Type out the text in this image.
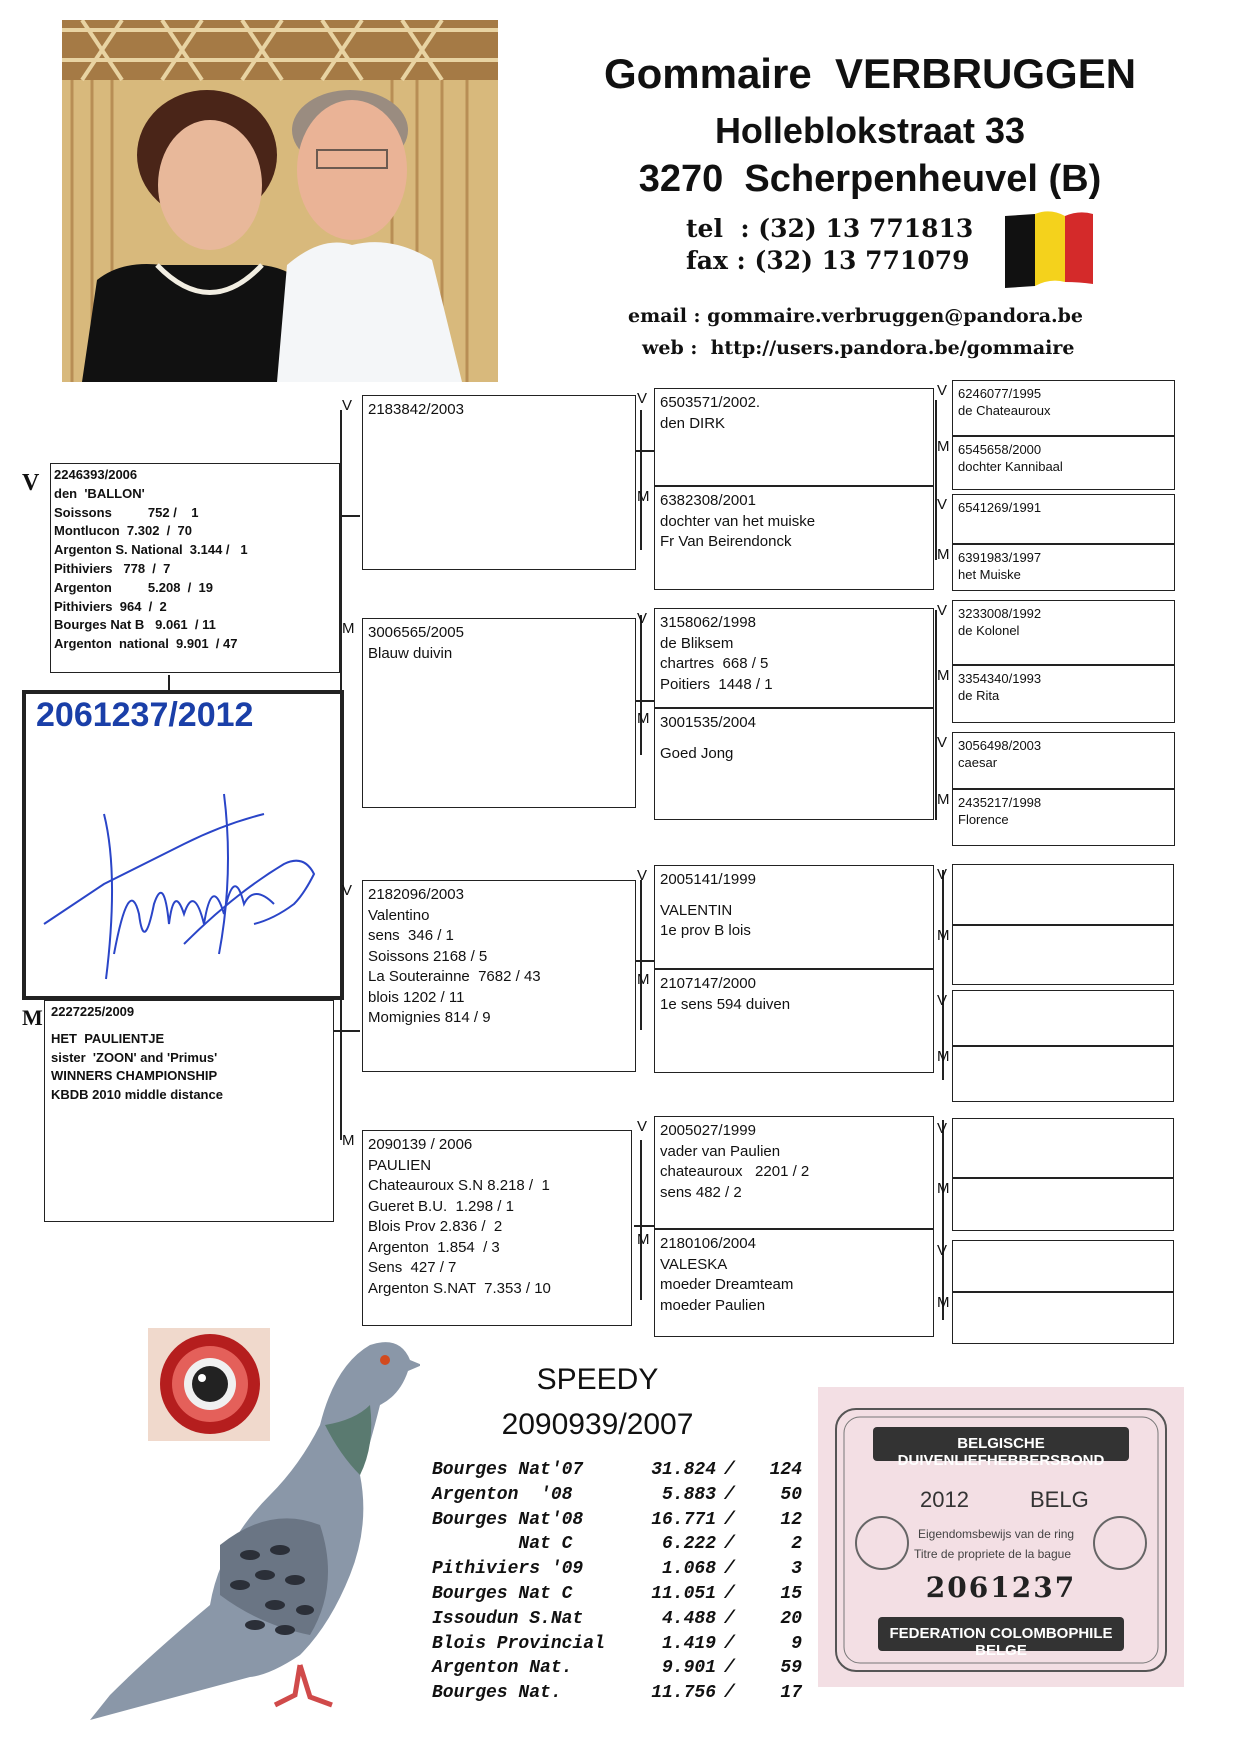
Gommaire  VERBRUGGEN
Holleblokstraat 33
3270  Scherpenheuvel (B)
tel  : (32) 13 771813
fax : (32) 13 771079
email : gommaire.verbruggen@pandora.be
web :  http://users.pandora.be/gommaire
2061237/2012
V 2246393/2006
den  'BALLON'
Soissons          752 /    1
Montlucon  7.302  /  70
Argenton S. National  3.144 /   1
Pithiviers   778  /  7
Argenton          5.208  /  19
Pithiviers  964  /  2
Bourges Nat B   9.061  / 11
Argenton  national  9.901  / 47
M 2227225/2009
HET  PAULIENTJE
sister  'ZOON' and 'Primus'
WINNERS CHAMPIONSHIP
KBDB 2010 middle distance
2183842/2003
V
3006565/2005
Blauw duivin
M
2182096/2003
Valentino
sens  346 / 1
Soissons 2168 / 5
La Souterainne  7682 / 43
blois 1202 / 11
Momignies 814 / 9
V
2090139 / 2006
PAULIEN
Chateauroux S.N 8.218 /  1
Gueret B.U.  1.298 / 1
Blois Prov 2.836 /  2
Argenton  1.854  / 3
Sens  427 / 7
Argenton S.NAT  7.353 / 10
M
6503571/2002.
den DIRK
V
6382308/2001
dochter van het muiske
Fr Van Beirendonck
M
3158062/1998
de Bliksem
chartres  668 / 5
Poitiers  1448 / 1
V
3001535/2004
Goed Jong
M
2005141/1999
VALENTIN
1e prov B lois
V
2107147/2000
1e sens 594 duiven
M
2005027/1999
vader van Paulien
chateauroux   2201 / 2
sens 482 / 2
V
2180106/2004
VALESKA
moeder Dreamteam
moeder Paulien
M
6246077/1995
de Chateauroux
V
6545658/2000
dochter Kannibaal
M
6541269/1991
V
6391983/1997
het Muiske
M
3233008/1992
de Kolonel
V
3354340/1993
de Rita
M
3056498/2003
caesar
V
2435217/1998
Florence
M
V
M
V
M
V
M
V
M
SPEEDY
2090939/2007
Bourges Nat'07	31.824 /	124
Argenton  '08	5.883 /	50
Bourges Nat'08	16.771 /	12
Nat C	6.222 /	2
Pithiviers '09	1.068 /	3
Bourges Nat C	11.051 /	15
Issoudun S.Nat	4.488 /	20
Blois Provincial	1.419 /	9
Argenton Nat.	9.901 /	59
Bourges Nat.	11.756 /	17
BELGISCHE DUIVENLIEFHEBBERSBOND
2012	BELG
Eigendomsbewijs van de ring
Titre de propriete de la bague
2061237
FEDERATION COLOMBOPHILE BELGE
